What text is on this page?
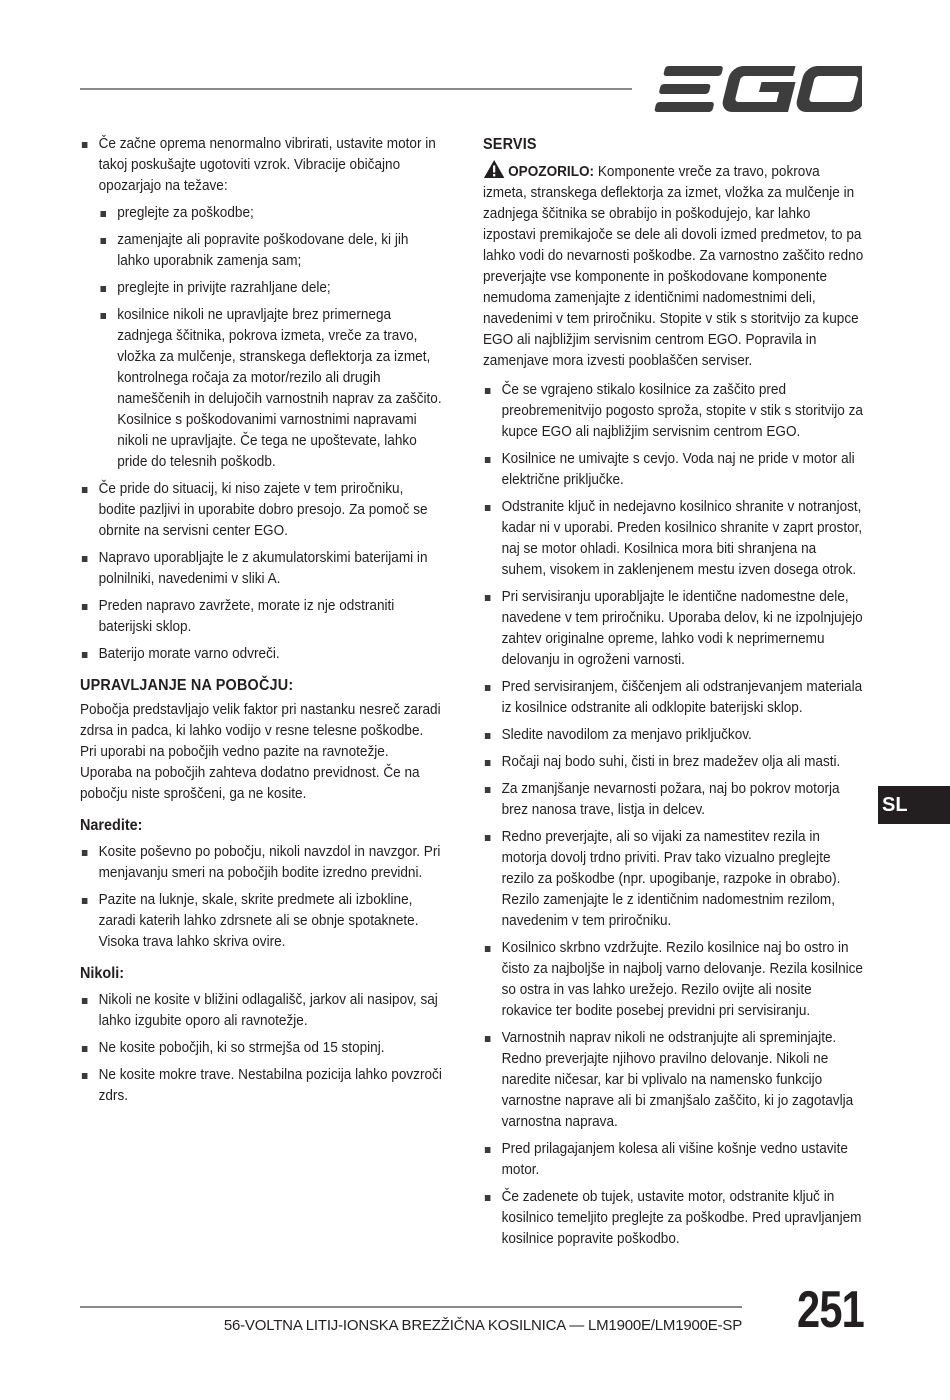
Če začne oprema nenormalno vibrirati, ustavite motor in takoj poskušajte ugotoviti vzrok. Vibracije običajno opozarjajo na težave:
preglejte za poškodbe;
zamenjajte ali popravite poškodovane dele, ki jih lahko uporabnik zamenja sam;
preglejte in privijte razrahljane dele;
kosilnice nikoli ne upravljajte brez primernega zadnjega ščitnika, pokrova izmeta, vreče za travo, vložka za mulčenje, stranskega deflektorja za izmet, kontrolnega ročaja za motor/rezilo ali drugih nameščenih in delujočih varnostnih naprav za zaščito. Kosilnice s poškodovanimi varnostnimi napravami nikoli ne upravljajte. Če tega ne upoštevate, lahko pride do telesnih poškodb.
Če pride do situacij, ki niso zajete v tem priročniku, bodite pazljivi in uporabite dobro presojo. Za pomoč se obrnite na servisni center EGO.
Napravo uporabljajte le z akumulatorskimi baterijami in polnilniki, navedenimi v sliki A.
Preden napravo zavržete, morate iz nje odstraniti baterijski sklop.
Baterijo morate varno odvreči.
UPRAVLJANJE NA POBOČJU:

Pobočja predstavljajo velik faktor pri nastanku nesreč zaradi zdrsa in padca, ki lahko vodijo v resne telesne poškodbe. Pri uporabi na pobočjih vedno pazite na ravnotežje. Uporaba na pobočjih zahteva dodatno previdnost. Če na pobočju niste sproščeni, ga ne kosite.

Naredite:
Kosite poševno po pobočju, nikoli navzdol in navzgor. Pri menjavanju smeri na pobočjih bodite izredno previdni.
Pazite na luknje, skale, skrite predmete ali izbokline, zaradi katerih lahko zdrsnete ali se obnje spotaknete. Visoka trava lahko skriva ovire.
Nikoli:
Nikoli ne kosite v bližini odlagališč, jarkov ali nasipov, saj lahko izgubite oporo ali ravnotežje.
Ne kosite pobočjih, ki so strmejša od 15 stopinj.
Ne kosite mokre trave. Nestabilna pozicija lahko povzroči zdrs.
SERVIS

OPOZORILO: Komponente vreče za travo, pokrova izmeta, stranskega deflektorja za izmet, vložka za mulčenje in zadnjega ščitnika se obrabijo in poškodujejo, kar lahko izpostavi premikajoče se dele ali dovoli izmed predmetov, to pa lahko vodi do nevarnosti poškodbe. Za varnostno zaščito redno preverjajte vse komponente in poškodovane komponente nemudoma zamenjajte z identičnimi nadomestnimi deli, navedenimi v tem priročniku. Stopite v stik s storitvijo za kupce EGO ali najbližjim servisnim centrom EGO. Popravila in zamenjave mora izvesti pooblaščen serviser.

Če se vgrajeno stikalo kosilnice za zaščito pred preobremenitvijo pogosto sproža, stopite v stik s storitvijo za kupce EGO ali najbližjim servisnim centrom EGO.
Kosilnice ne umivajte s cevjo. Voda naj ne pride v motor ali električne priključke.
Odstranite ključ in nedejavno kosilnico shranite v notranjost, kadar ni v uporabi. Preden kosilnico shranite v zaprt prostor, naj se motor ohladi. Kosilnica mora biti shranjena na suhem, visokem in zaklenjenem mestu izven dosega otrok.
Pri servisiranju uporabljajte le identične nadomestne dele, navedene v tem priročniku. Uporaba delov, ki ne izpolnjujejo zahtev originalne opreme, lahko vodi k neprimernemu delovanju in ogroženi varnosti.
Pred servisiranjem, čiščenjem ali odstranjevanjem materiala iz kosilnice odstranite ali odklopite baterijski sklop.
Sledite navodilom za menjavo priključkov.
Ročaji naj bodo suhi, čisti in brez madežev olja ali masti.
Za zmanjšanje nevarnosti požara, naj bo pokrov motorja brez nanosa trave, listja in delcev.
Redno preverjajte, ali so vijaki za namestitev rezila in motorja dovolj trdno priviti. Prav tako vizualno preglejte rezilo za poškodbe (npr. upogibanje, razpoke in obrabo). Rezilo zamenjajte le z identičnim nadomestnim rezilom, navedenim v tem priročniku.
Kosilnico skrbno vzdržujte. Rezilo kosilnice naj bo ostro in čisto za najboljše in najbolj varno delovanje. Rezila kosilnice so ostra in vas lahko urežejo. Rezilo ovijte ali nosite rokavice ter bodite posebej previdni pri servisiranju.
Varnostnih naprav nikoli ne odstranjujte ali spreminjajte. Redno preverjajte njihovo pravilno delovanje. Nikoli ne naredite ničesar, kar bi vplivalo na namensko funkcijo varnostne naprave ali bi zmanjšalo zaščito, ki jo zagotavlja varnostna naprava.
Pred prilagajanjem kolesa ali višine košnje vedno ustavite motor.
Če zadenete ob tujek, ustavite motor, odstranite ključ in kosilnico temeljito preglejte za poškodbe. Pred upravljanjem kosilnice popravite poškodbo.
SL
56-VOLTNA LITIJ-IONSKA BREZŽIČNA KOSILNICA — LM1900E/LM1900E-SP	251
